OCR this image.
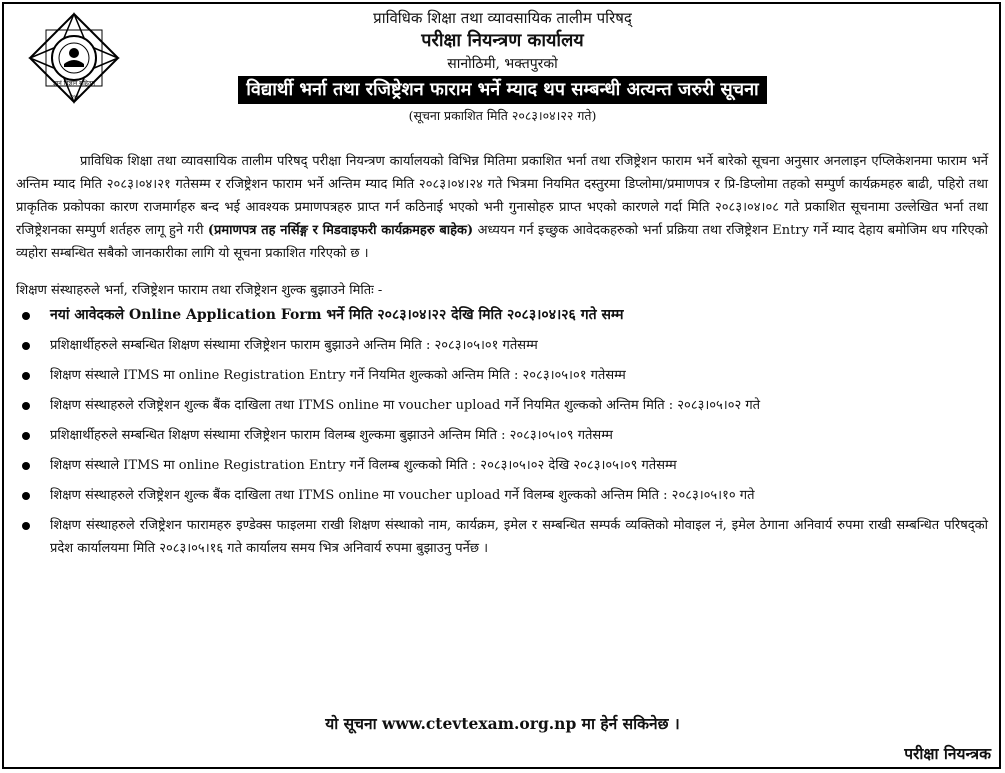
ज्ञानं विज्ञानं सहितम्
२०४६
प्राविधिक शिक्षा तथा व्यावसायिक तालीम परिषद्
परीक्षा नियन्त्रण कार्यालय
सानोठिमी, भक्तपुरको
विद्यार्थी भर्ना तथा रजिष्ट्रेशन फाराम भर्ने म्याद थप सम्बन्धी अत्यन्त जरुरी सूचना
(सूचना प्रकाशित मिति २०८३।०४।२२ गते)

प्राविधिक शिक्षा तथा व्यावसायिक तालीम परिषद् परीक्षा नियन्त्रण कार्यालयको विभिन्न मितिमा प्रकाशित भर्ना तथा रजिष्ट्रेशन फाराम भर्ने बारेको सूचना अनुसार अनलाइन एप्लिकेशनमा फाराम भर्ने अन्तिम म्याद मिति २०८३।०४।२१ गतेसम्म र रजिष्ट्रेशन फाराम भर्ने अन्तिम म्याद मिति २०८३।०४।२४ गते भित्रमा नियमित दस्तुरमा डिप्लोमा/प्रमाणपत्र र प्रि-डिप्लोमा तहको सम्पुर्ण कार्यक्रमहरु बाढी, पहिरो तथा प्राकृतिक प्रकोपका कारण राजमार्गहरु बन्द भई आवश्यक प्रमाणपत्रहरु प्राप्त गर्न कठिनाई भएको भनी गुनासोहरु प्राप्त भएको कारणले गर्दा मिति २०८३।०४।०८ गते प्रकाशित सूचनामा उल्लेखित भर्ना तथा रजिष्ट्रेशनका सम्पुर्ण शर्तहरु लागू हुने गरी (प्रमाणपत्र तह नर्सिङ्ग र मिडवाइफरी कार्यक्रमहरु बाहेक) अध्ययन गर्न इच्छुक आवेदकहरुको भर्ना प्रक्रिया तथा रजिष्ट्रेशन Entry गर्ने म्याद देहाय बमोजिम थप गरिएको व्यहोरा सम्बन्धित सबैको जानकारीका लागि यो सूचना प्रकाशित गरिएको छ ।

शिक्षण संस्थाहरुले भर्ना, रजिष्ट्रेशन फाराम तथा रजिष्ट्रेशन शुल्क बुझाउने मितिः -
नयां आवेदकले Online Application Form भर्ने मिति २०८३।०४।२२ देखि मिति २०८३।०४।२६ गते सम्म
प्रशिक्षार्थीहरुले सम्बन्धित शिक्षण संस्थामा रजिष्ट्रेशन फाराम बुझाउने अन्तिम मिति : २०८३।०५।०१ गतेसम्म
शिक्षण संस्थाले ITMS मा online Registration Entry गर्ने नियमित शुल्कको अन्तिम मिति : २०८३।०५।०१ गतेसम्म
शिक्षण संस्थाहरुले रजिष्ट्रेशन शुल्क बैंक दाखिला तथा ITMS online मा voucher upload गर्ने नियमित शुल्कको अन्तिम मिति : २०८३।०५।०२ गते
प्रशिक्षार्थीहरुले सम्बन्धित शिक्षण संस्थामा रजिष्ट्रेशन फाराम विलम्ब शुल्कमा बुझाउने अन्तिम मिति : २०८३।०५।०९ गतेसम्म
शिक्षण संस्थाले ITMS मा online Registration Entry गर्ने विलम्ब शुल्कको मिति : २०८३।०५।०२ देखि २०८३।०५।०९ गतेसम्म
शिक्षण संस्थाहरुले रजिष्ट्रेशन शुल्क बैंक दाखिला तथा ITMS online मा voucher upload गर्ने विलम्ब शुल्कको अन्तिम मिति : २०८३।०५।१० गते
शिक्षण संस्थाहरुले रजिष्ट्रेशन फारामहरु इण्डेक्स फाइलमा राखी शिक्षण संस्थाको नाम, कार्यक्रम, इमेल र सम्बन्धित सम्पर्क व्यक्तिको मोवाइल नं, इमेल ठेगाना अनिवार्य रुपमा राखी सम्बन्धित परिषद्को प्रदेश कार्यालयमा मिति २०८३।०५।१६ गते कार्यालय समय भित्र अनिवार्य रुपमा बुझाउनु पर्नेछ ।
यो सूचना www.ctevtexam.org.np मा हेर्न सकिनेछ ।
परीक्षा नियन्त्रक
